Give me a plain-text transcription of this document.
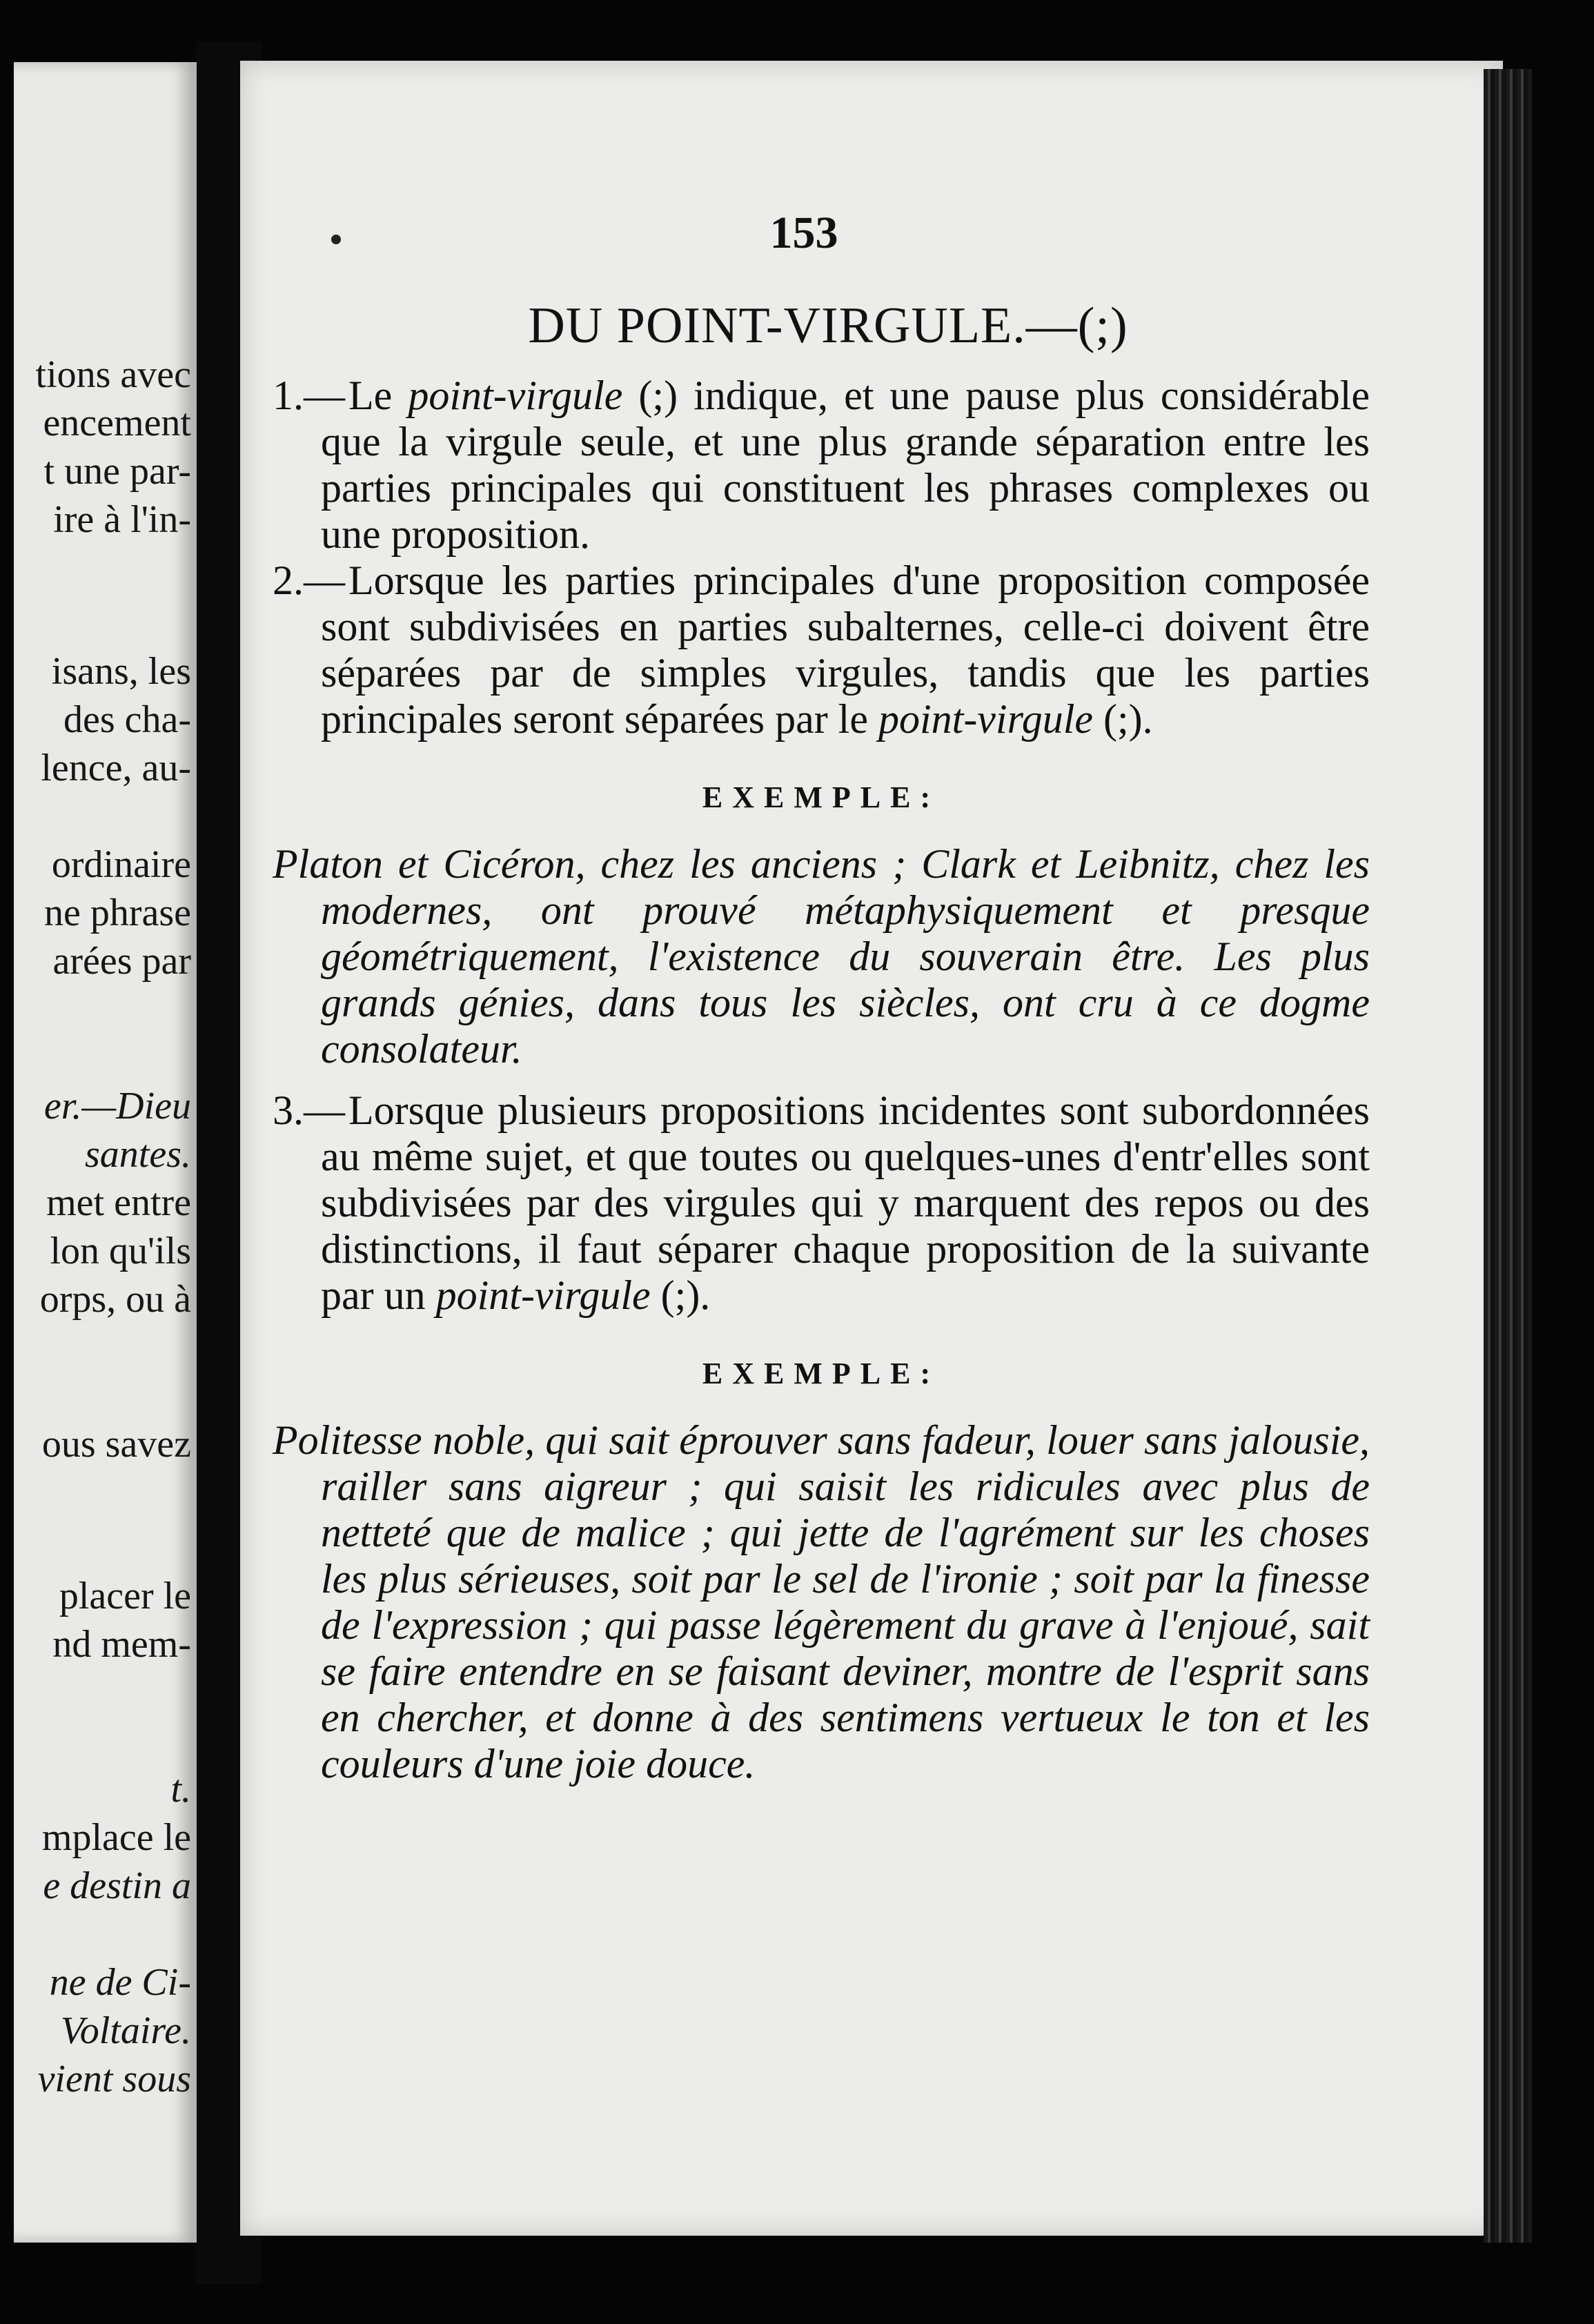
tions avec
encement
t une par-
ire à l'in-
isans, les
des cha-
lence, au-
ordinaire
ne phrase
arées par
er.—Dieu
santes.
met entre
lon qu'ils
orps, ou à
ous savez
placer le
nd mem-
t.
mplace le
e destin a
ne de Ci-
Voltaire.
vient sous
153
DU POINT-VIRGULE.—(;)

1.— Le point-virgule (;) indique, et une pause plus considérable que la virgule seule, et une plus grande séparation entre les parties principales qui constituent les phrases complexes ou une proposition.

2.— Lorsque les parties principales d'une proposition composée sont subdivisées en parties subalternes, celle-ci doivent être séparées par de simples virgules, tandis que les parties principales seront séparées par le point-virgule (;).

EXEMPLE:

Platon et Cicéron, chez les anciens ; Clark et Leibnitz, chez les modernes, ont prouvé métaphysiquement et presque géométriquement, l'existence du souverain être. Les plus grands génies, dans tous les siècles, ont cru à ce dogme consolateur.

3.— Lorsque plusieurs propositions incidentes sont subordonnées au même sujet, et que toutes ou quelques-unes d'entr'elles sont subdivisées par des virgules qui y marquent des repos ou des distinctions, il faut séparer chaque proposition de la suivante par un point-virgule (;).

EXEMPLE:

Politesse noble, qui sait éprouver sans fadeur, louer sans jalousie, railler sans aigreur ; qui saisit les ridicules avec plus de netteté que de malice ; qui jette de l'agrément sur les choses les plus sérieuses, soit par le sel de l'ironie ; soit par la finesse de l'expression ; qui passe légèrement du grave à l'enjoué, sait se faire entendre en se faisant deviner, montre de l'esprit sans en chercher, et donne à des sentimens vertueux le ton et les couleurs d'une joie douce.
